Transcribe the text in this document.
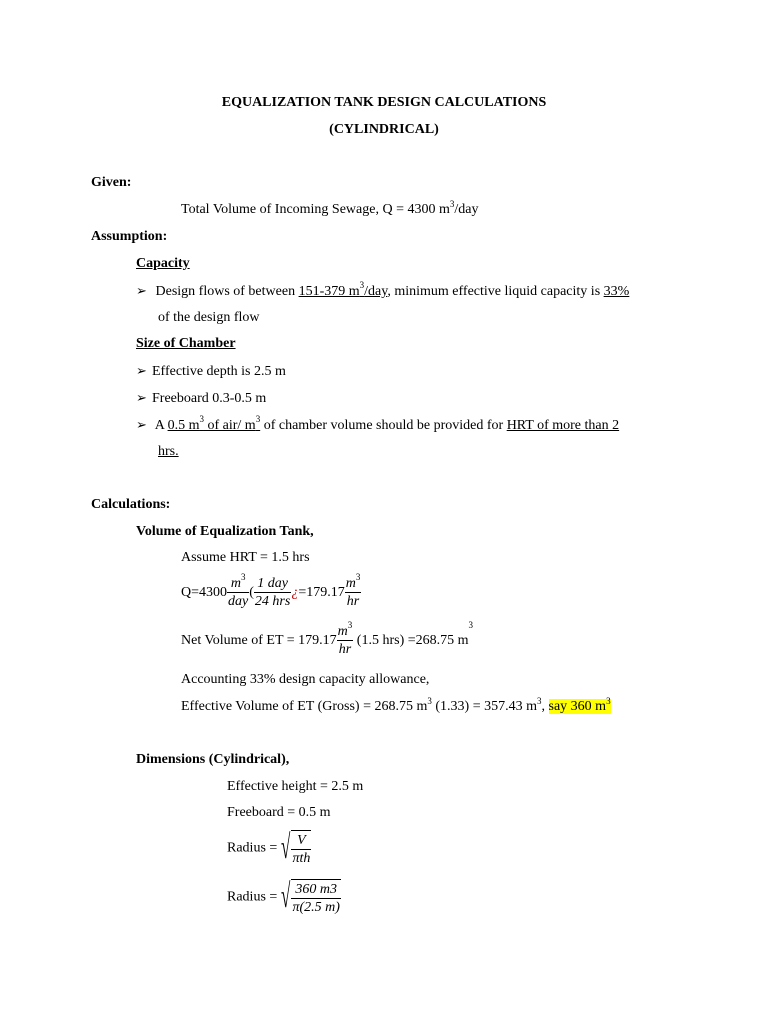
EQUALIZATION TANK DESIGN CALCULATIONS
(CYLINDRICAL)
Given:
Total Volume of Incoming Sewage, Q = 4300 $m^3$/day
Assumption:
Capacity
➢ Design flows of between 151-379 $m^3$/day, minimum effective liquid capacity is 33%
of the design flow
Size of Chamber
➢ Effective depth is 2.5 m
➢ Freeboard 0.3-0.5 m
➢ A 0.5 $m^3$ of air/ $m^3$ of chamber volume should be provided for HRT of more than 2
hrs.
Calculations:
Volume of Equalization Tank,
Assume HRT = 1.5 hrs
$Q=4300 \frac{m^3}{\text{day}}$ ( $\frac{\text{1 day}}{\text{24 hrs}}$ ¿$=179.17 \frac{m^3}{hr}$
Net Volume of ET = $179.17 \frac{m^3}{hr} (1.5$ hrs) =268.75 $m^3$
Accounting 33% design capacity allowance,
Effective Volume of ET (Gross) = 268.75 $m^3$ (1.33) = 357.43 $m^3$, say 360 $m^3$
Dimensions (Cylindrical),
Effective height = 2.5 m
Freeboard = 0.5 m
Radius = √ $\frac{V}{\text{πth}}$
Radius = √ $\frac{360 m3}{\pi(2.5 m)}$
